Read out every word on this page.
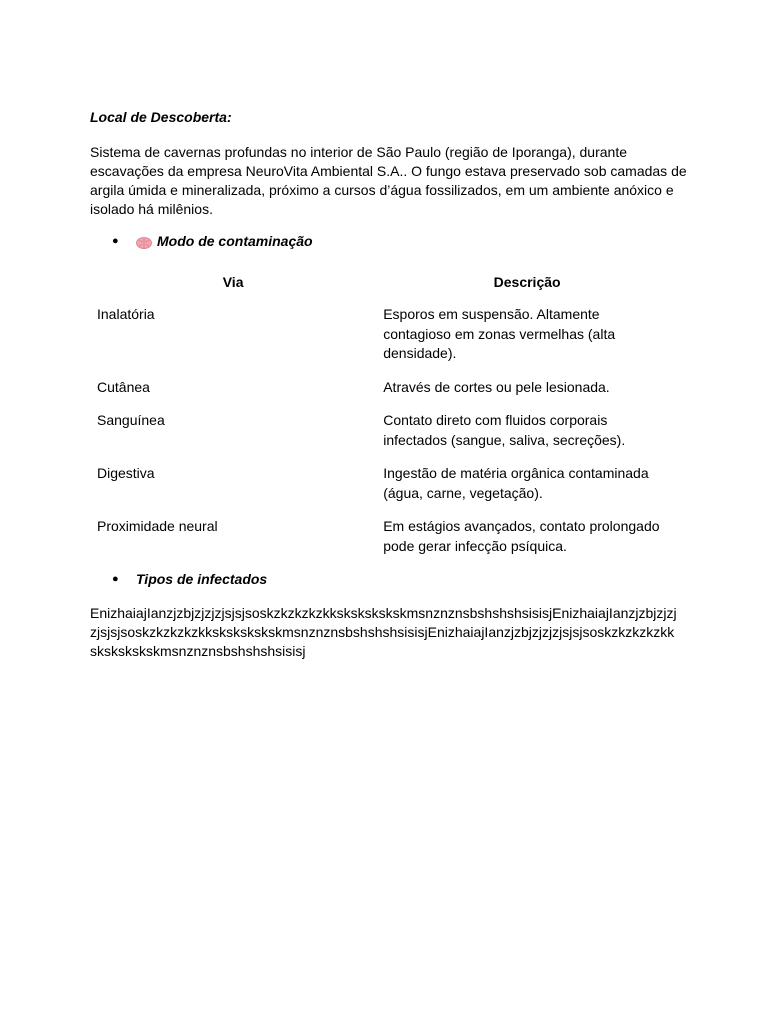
Local de Descoberta:
Sistema de cavernas profundas no interior de São Paulo (região de Iporanga), durante escavações da empresa NeuroVita Ambiental S.A.. O fungo estava preservado sob camadas de argila úmida e mineralizada, próximo a cursos d’água fossilizados, em um ambiente anóxico e isolado há milênios.
●	Modo de contaminação
Via	Descrição
Inalatória	Esporos em suspensão. Altamente contagioso em zonas vermelhas (alta densidade).
Cutânea	Através de cortes ou pele lesionada.
Sanguínea	Contato direto com fluidos corporais infectados (sangue, saliva, secreções).
Digestiva	Ingestão de matéria orgânica contaminada (água, carne, vegetação).
Proximidade neural	Em estágios avançados, contato prolongado pode gerar infecção psíquica.
●	Tipos de infectados
EnizhaiajIanzjzbjzjzjzjsjsjsoskzkzkzkzkkskskskskskmsnznznsbshshshsisisjEnizhaiajIanzjzbjzjzjzjsjsjsoskzkzkzkzkkskskskskskmsnznznsbshshshsisisjEnizhaiajIanzjzbjzjzjzjsjsjsoskzkzkzkzkkskskskskskmsnznznsbshshshsisisj
